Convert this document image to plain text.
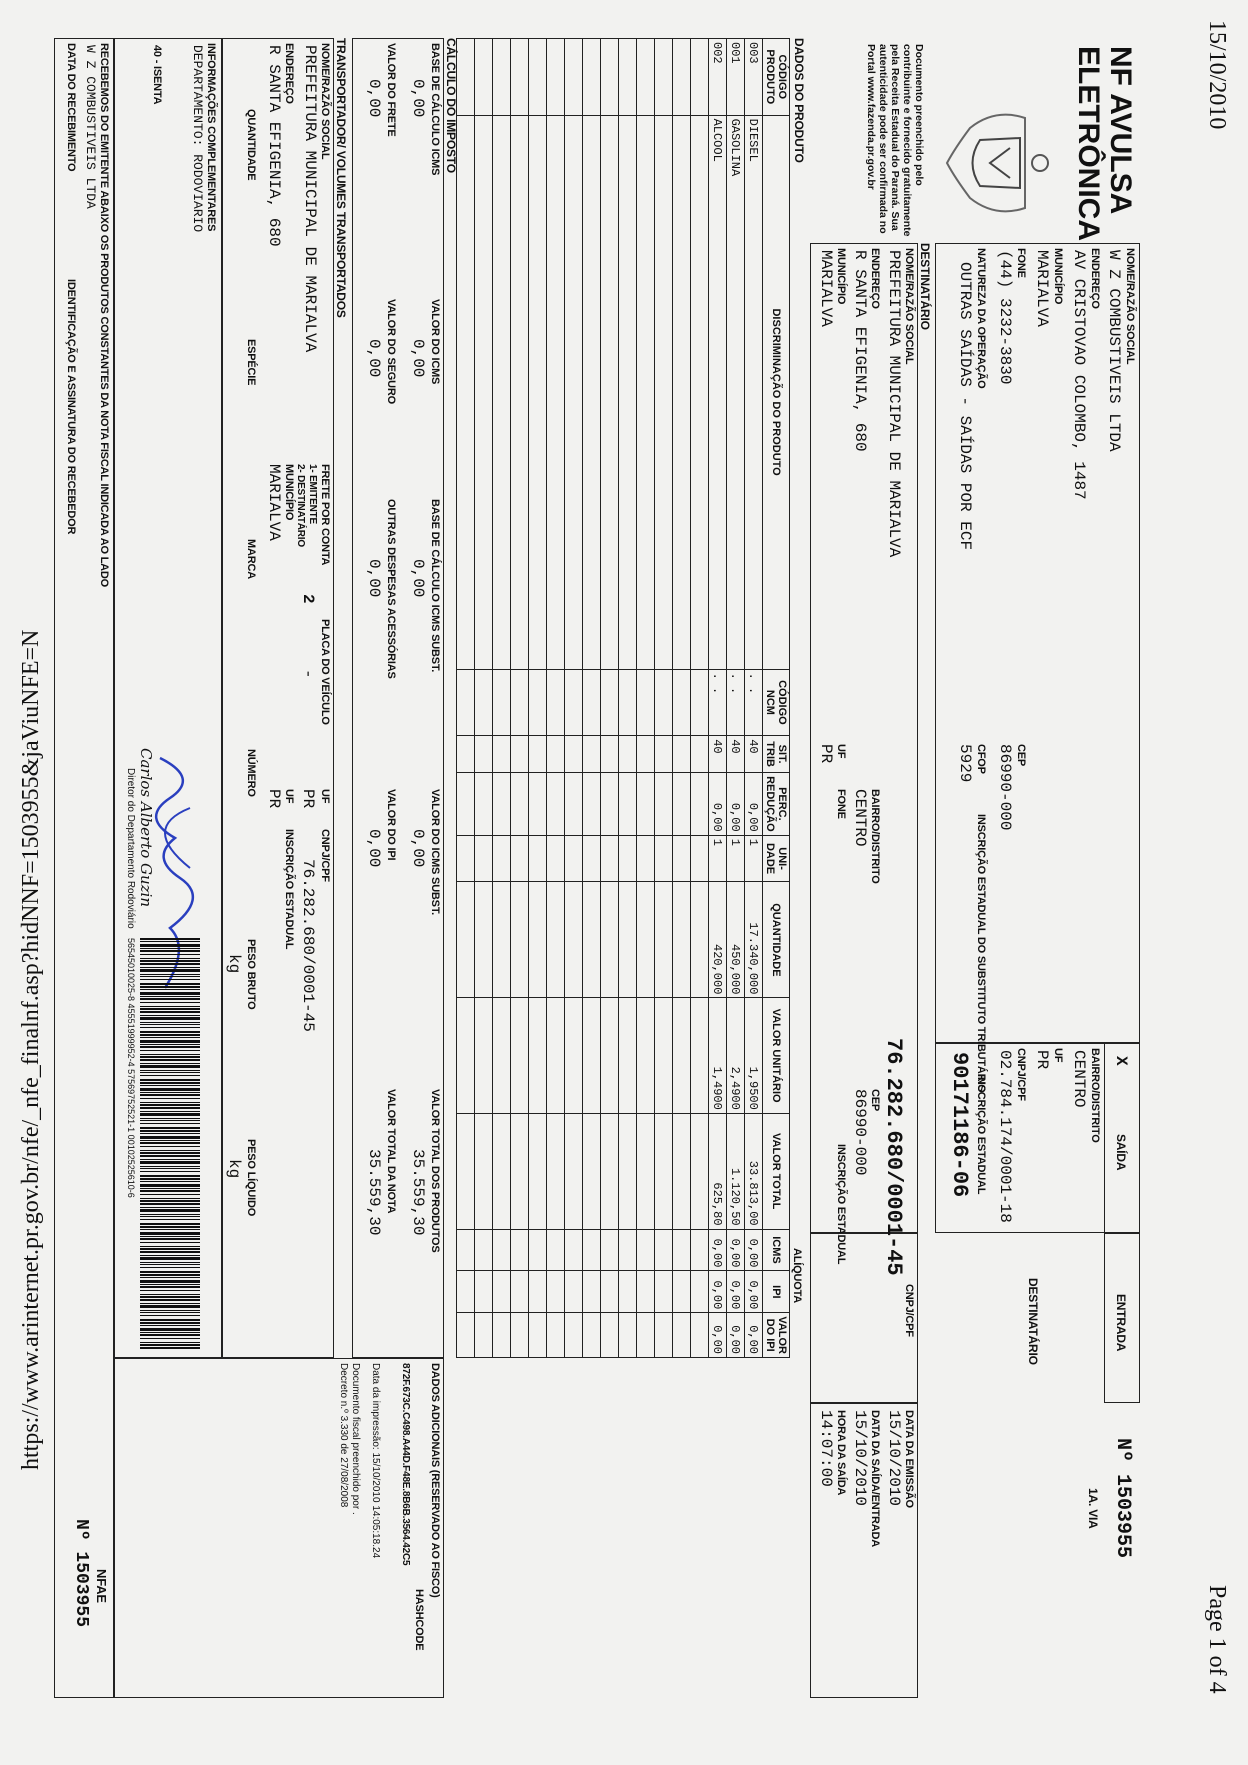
https://www.arinternet.pr.gov.br/nfe/_nfe_finalnf.asp?hidNNF=1503955&jaViuNFE=N
Page 1 of 4
15/10/2010
NF AVULSA
ELETRÔNICA
Documento preenchido pelo contribuinte e fornecido gratuitamente pela Receita Estadual do Paraná. Sua autenticidade pode ser confirmada no Portal www.fazenda.pr.gov.br
NOME/RAZÃO SOCIAL
W Z COMBUSTIVEIS LTDA
ENDEREÇO
AV CRISTOVAO COLOMBO, 1487
MUNICÍPIO
MARIALVA
FONE
(44) 3232-3830
CEP
86990-000
BAIRRO/DISTRITO
CENTRO
UF
PR
CNPJ/CPF
02.784.174/0001-18	X
SAÍDA
ENTRADA
DESTINATÁRIO
Nº 1503955
1A. VIA
NATUREZA DA OPERAÇÃO
OUTRAS SAÍDAS - SAÍDAS POR ECF
CFOP
5929
INSCRIÇÃO ESTADUAL DO SUBSTITUTO TRIBUTÁRIO
INSCRIÇÃO ESTADUAL
90171186-06
DESTINATÁRIO
NOME/RAZÃO SOCIAL
PREFEITURA MUNICIPAL DE MARIALVA
ENDEREÇO
R SANTA EFIGENIA, 680
MUNICÍPIO
MARIALVA
UF
PR
FONE BAIRRO/DISTRITO
CENTRO
CEP
86990-000
INSCRIÇÃO ESTADUAL
CNPJ/CPF
76.282.680/0001-45
DATA DA EMISSÃO
15/10/2010
DATA DA SAÍDA/ENTRADA
15/10/2010
HORA DA SAÍDA
14:07:00
DADOS DO PRODUTO
CÓDIGO PRODUTO	DISCRIMINAÇÃO DO PRODUTO	CÓDIGO NCM	SIT. TRIB	PERC. REDUÇÃO	UNI-DADE	QUANTIDADE	VALOR UNITÁRIO	VALOR TOTAL	ICMS	IPI	VALOR DO IPI
003	DIESEL	. .	40	0,00	1	17.340,000	1,9500	33.813,00	0,00	0,00	0,00
001	GASOLINA	. .	40	0,00	1	450,000	2,4900	1.120,50	0,00	0,00	0,00
002	ALCOOL	. .	40	0,00	1	420,000	1,4900	625,80	0,00	0,00	0,00

ALÍQUOTA
CÁLCULO DO IMPOSTO
BASE DE CÁLCULO ICMS
0,00
VALOR DO ICMS
0,00
BASE DE CÁLCULO ICMS SUBST.
0,00
VALOR DO ICMS SUBST.
0,00
VALOR TOTAL DOS PRODUTOS
35.559,30
VALOR DO FRETE
0,00
VALOR DO SEGURO
0,00
OUTRAS DESPESAS ACESSÓRIAS
0,00
VALOR DO IPI
0,00
VALOR TOTAL DA NOTA
35.559,30
TRANSPORTADOR/ VOLUMES TRANSPORTADOS
NOME/RAZÃO SOCIAL
PREFEITURA MUNICIPAL DE MARIALVA
FRETE POR CONTA
1- EMITENTE
2- DESTINATÁRIO
2
PLACA DO VEÍCULO
-
UF
PR
CNPJ/CPF
76.282.680/0001-45
ENDEREÇO
R SANTA EFIGENIA, 680
MUNICÍPIO
MARIALVA
UF
PR
INSCRIÇÃO ESTADUAL
QUANTIDADE
ESPÉCIE
MARCA
NÚMERO
PESO BRUTO
kg
PESO LÍQUIDO
kg
DADOS ADICIONAIS (RESERVADO AO FISCO)
HASHCODE
872F.673C.C498.A44D.F48E.8B6B.3564.42C5
Data da impressão: 15/10/2010 14:05:18.24
Documento fiscal preenchido por .
Decreto n.º 3.330 de 27/08/2008
INFORMAÇÕES COMPLEMENTARES
DEPARTAMENTO: RODOVIARIO
40 - ISENTA
Carlos Alberto Guzin
Diretor do Departamento Rodoviário
56545010025-8 45551999952-4 57569752521-1 00102525610-6
RECEBEMOS DO EMITENTE ABAIXO OS PRODUTOS CONSTANTES DA NOTA FISCAL INDICADA AO LADO
W Z COMBUSTIVEIS LTDA
DATA DO RECEBIMENTO
IDENTIFICAÇÃO E ASSINATURA DO RECEBEDOR
NFAE
Nº 1503955
